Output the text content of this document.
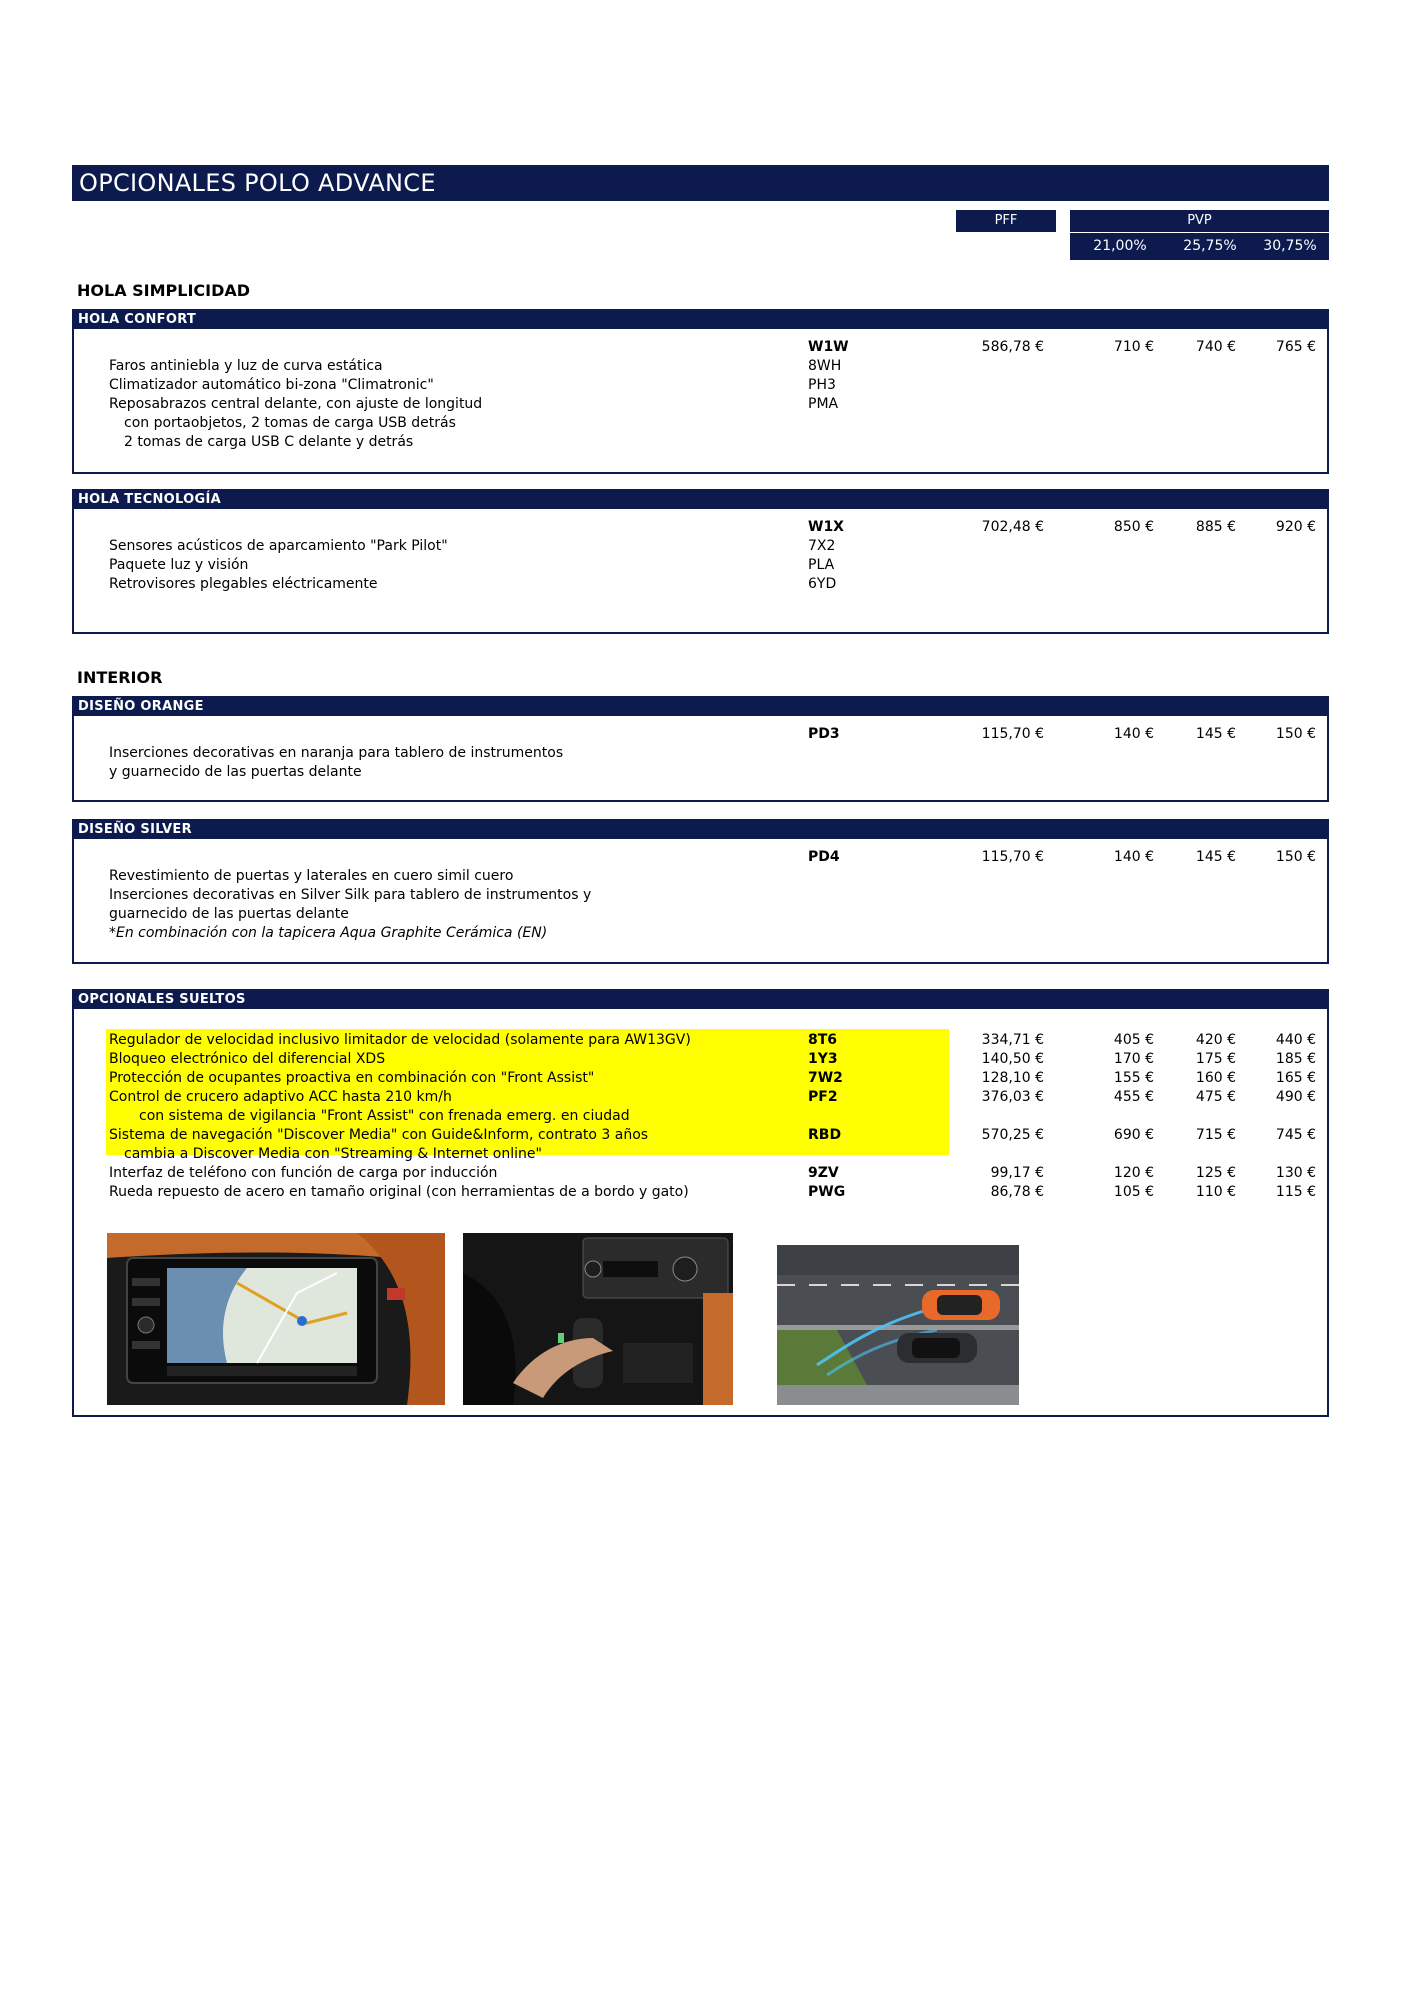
OPCIONALES POLO ADVANCE
PFF	PVP
21,00%	25,75%	30,75%
HOLA SIMPLICIDAD
HOLA CONFORT
W1W	586,78 €	710 €	740 €	765 €
Faros antiniebla y luz de curva estática	8WH
Climatizador automático bi-zona "Climatronic"	PH3
Reposabrazos central delante, con ajuste de longitud	PMA
con portaobjetos, 2 tomas de carga USB detrás
2 tomas de carga USB C delante y detrás
HOLA TECNOLOGÍA
W1X	702,48 €	850 €	885 €	920 €
Sensores acústicos de aparcamiento "Park Pilot"	7X2
Paquete luz y visión	PLA
Retrovisores plegables eléctricamente	6YD
INTERIOR
DISEÑO ORANGE
PD3	115,70 €	140 €	145 €	150 €
Inserciones decorativas en naranja para tablero de instrumentos
y guarnecido de las puertas delante
DISEÑO SILVER
PD4	115,70 €	140 €	145 €	150 €
Revestimiento de puertas y laterales en cuero simil cuero
Inserciones decorativas en Silver Silk para tablero de instrumentos y
guarnecido de las puertas delante
*En combinación con la tapicera Aqua Graphite Cerámica (EN)
OPCIONALES SUELTOS
Regulador de velocidad inclusivo limitador de velocidad (solamente para AW13GV)	8T6	334,71 €	405 €	420 €	440 €
Bloqueo electrónico del diferencial XDS	1Y3	140,50 €	170 €	175 €	185 €
Protección de ocupantes proactiva en combinación con "Front Assist"	7W2	128,10 €	155 €	160 €	165 €
Control de crucero adaptivo ACC hasta 210 km/h	PF2	376,03 €	455 €	475 €	490 €
con sistema de vigilancia "Front Assist" con frenada emerg. en ciudad
Sistema de navegación "Discover Media" con Guide&Inform, contrato 3 años	RBD	570,25 €	690 €	715 €	745 €
cambia a Discover Media con "Streaming & Internet online"
Interfaz de teléfono con función de carga por inducción	9ZV	99,17 €	120 €	125 €	130 €
Rueda repuesto de acero en tamaño original (con herramientas de a bordo y gato)	PWG	86,78 €	105 €	110 €	115 €
